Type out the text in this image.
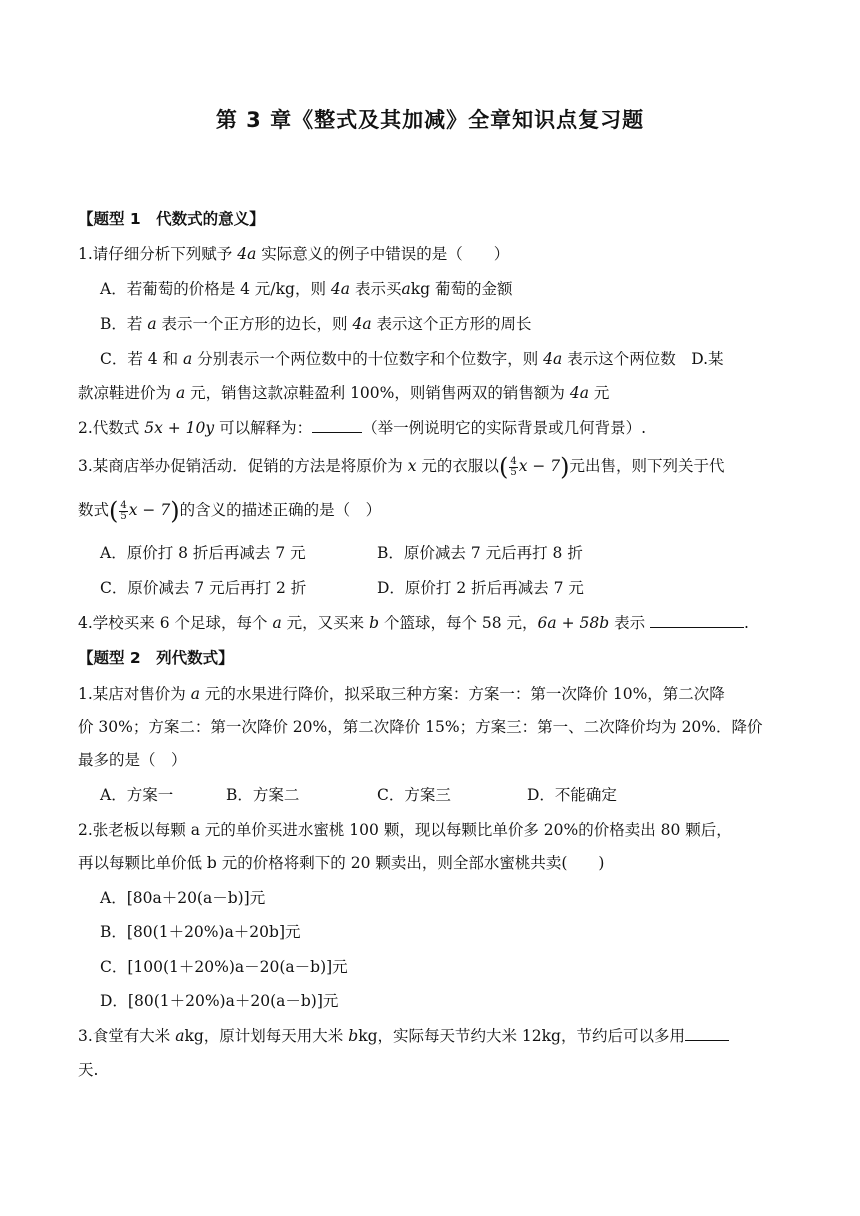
第 3 章《整式及其加减》全章知识点复习题
【题型 1　代数式的意义】
1.请仔细分析下列赋予 4a 实际意义的例子中错误的是（　　）
A．若葡萄的价格是 4 元/kg，则 4a 表示买akg 葡萄的金额
B．若 a 表示一个正方形的边长，则 4a 表示这个正方形的周长
C．若 4 和 a 分别表示一个两位数中的十位数字和个位数字，则 4a 表示这个两位数　D.某
款凉鞋进价为 a 元，销售这款凉鞋盈利 100%，则销售两双的销售额为 4a 元
2.代数式 5x + 10y 可以解释为：	（举一例说明它的实际背景或几何背景）.
3.某商店举办促销活动．促销的方法是将原价为 x 元的衣服以( $\frac{4}{5}$ x − 7)元出售，则下列关于代
数式( $\frac{4}{5}$ x − 7)的含义的描述正确的是（　）
A．原价打 8 折后再减去 7 元	B．原价减去 7 元后再打 8 折
C．原价减去 7 元后再打 2 折	D．原价打 2 折后再减去 7 元
4.学校买来 6 个足球，每个 a 元，又买来 b 个篮球，每个 58 元，6a + 58b 表示	.
【题型 2　列代数式】
1.某店对售价为 a 元的水果进行降价，拟采取三种方案：方案一：第一次降价 10%，第二次降
价 30%；方案二：第一次降价 20%，第二次降价 15%；方案三：第一、二次降价均为 20%．降价
最多的是（　）
A．方案一	B．方案二	C．方案三	D．不能确定
2.张老板以每颗 a 元的单价买进水蜜桃 100 颗，现以每颗比单价多 20%的价格卖出 80 颗后，
再以每颗比单价低 b 元的价格将剩下的 20 颗卖出，则全部水蜜桃共卖(　　)
A．[80a＋20(a－b)]元
B．[80(1＋20%)a＋20b]元
C．[100(1＋20%)a－20(a－b)]元
D．[80(1＋20%)a＋20(a－b)]元
3.食堂有大米 akg，原计划每天用大米 bkg，实际每天节约大米 12kg，节约后可以多用
天.
